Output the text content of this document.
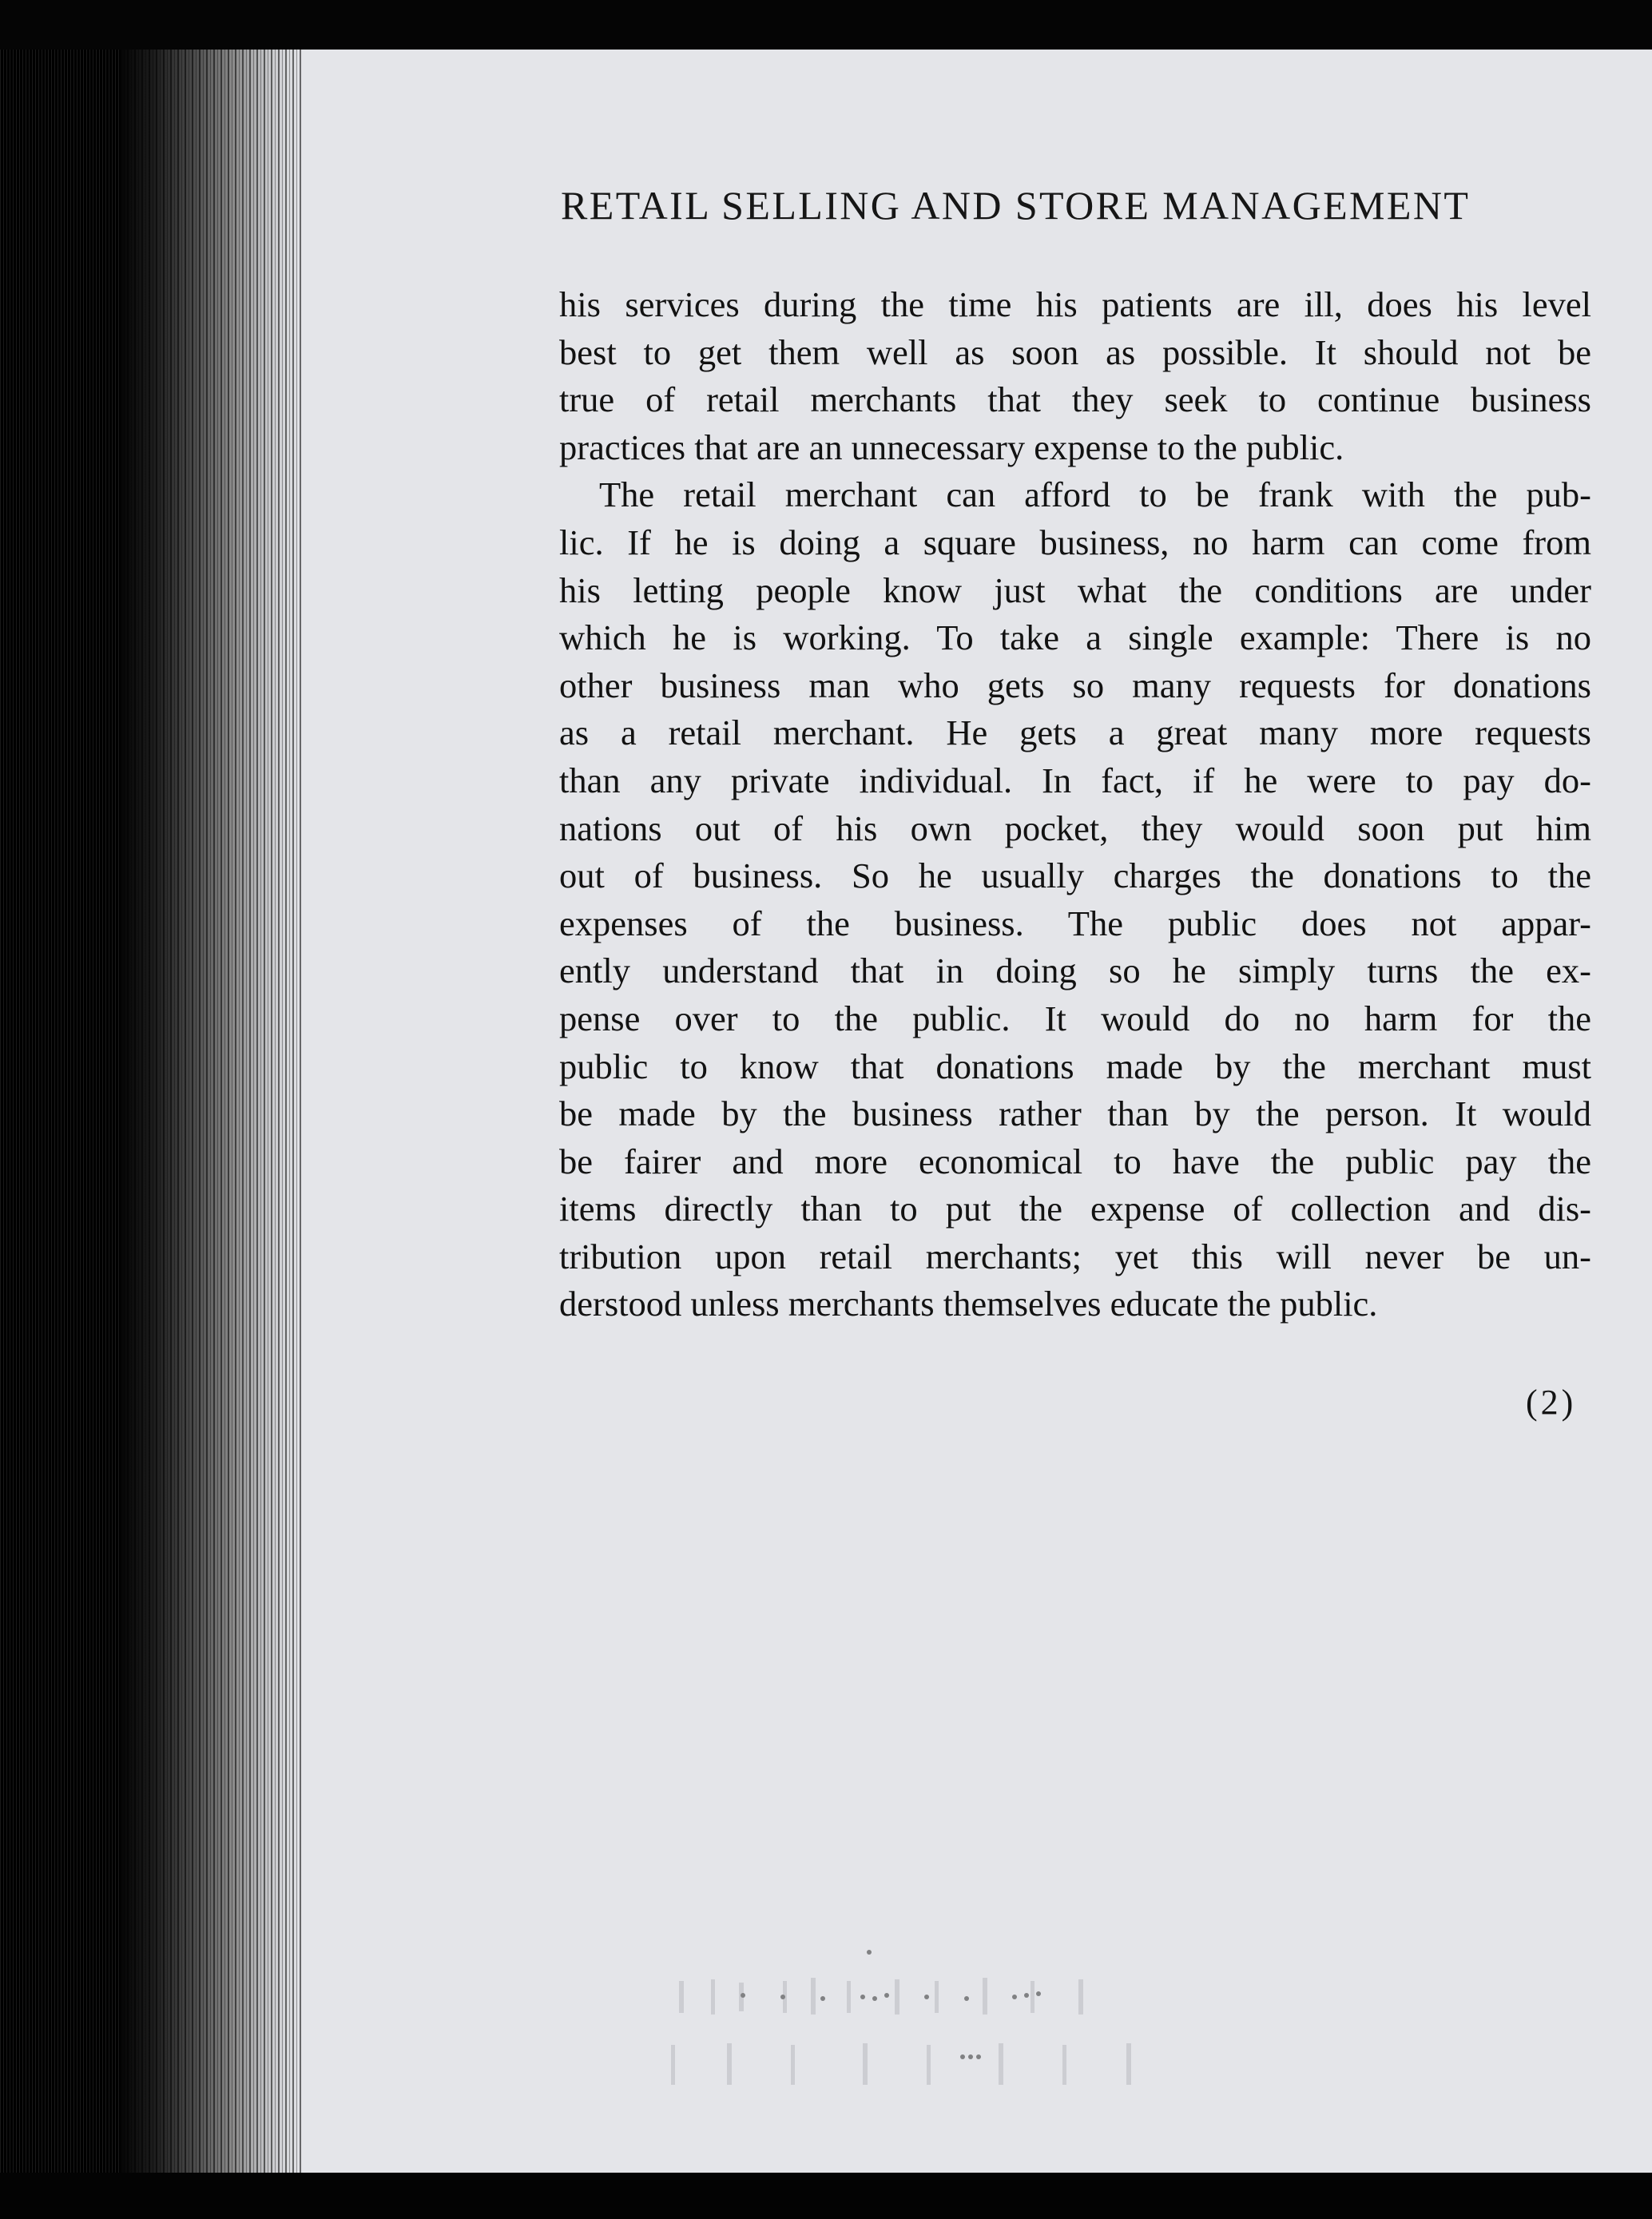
RETAIL SELLING AND STORE MANAGEMENT
his services during the time his patients are ill, does his level
best to get them well as soon as possible. It should not be
true of retail merchants that they seek to continue business
practices that are an unnecessary expense to the public.
The retail merchant can afford to be frank with the pub-
lic. If he is doing a square business, no harm can come from
his letting people know just what the conditions are under
which he is working. To take a single example: There is no
other business man who gets so many requests for donations
as a retail merchant. He gets a great many more requests
than any private individual. In fact, if he were to pay do-
nations out of his own pocket, they would soon put him
out of business. So he usually charges the donations to the
expenses of the business. The public does not appar-
ently understand that in doing so he simply turns the ex-
pense over to the public. It would do no harm for the
public to know that donations made by the merchant must
be made by the business rather than by the person. It would
be fairer and more economical to have the public pay the
items directly than to put the expense of collection and dis-
tribution upon retail merchants; yet this will never be un-
derstood unless merchants themselves educate the public.
(2)
